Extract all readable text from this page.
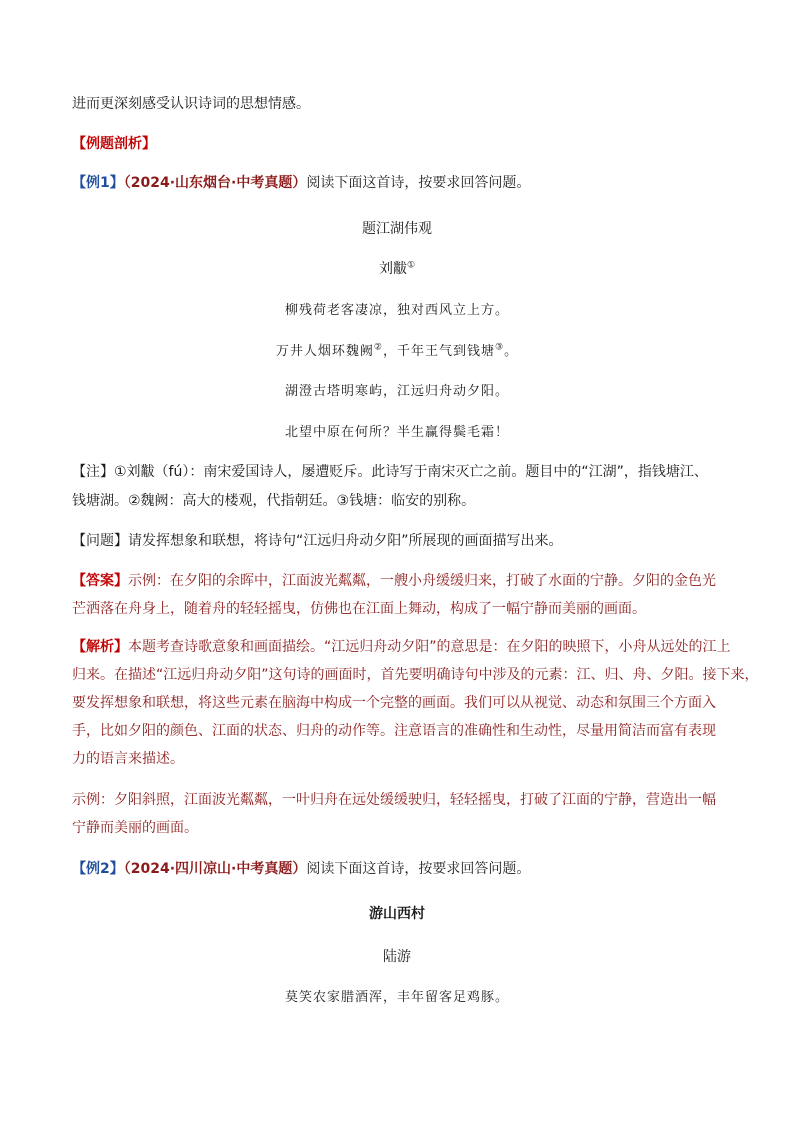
进而更深刻感受认识诗词的思想情感。
【例题剖析】
【例1】（2024·山东烟台·中考真题）阅读下面这首诗，按要求回答问题。
题江湖伟观
刘黻①
柳残荷老客凄凉，独对西风立上方。
万井人烟环魏阙②，千年王气到钱塘③。
湖澄古塔明寒屿，江远归舟动夕阳。
北望中原在何所？半生赢得鬓毛霜！
【注】①刘黻（fú）：南宋爱国诗人，屡遭贬斥。此诗写于南宋灭亡之前。题目中的“江湖”，指钱塘江、
钱塘湖。②魏阙：高大的楼观，代指朝廷。③钱塘：临安的别称。
【问题】请发挥想象和联想，将诗句“江远归舟动夕阳”所展现的画面描写出来。
【答案】示例：在夕阳的余晖中，江面波光粼粼，一艘小舟缓缓归来，打破了水面的宁静。夕阳的金色光
芒洒落在舟身上，随着舟的轻轻摇曳，仿佛也在江面上舞动，构成了一幅宁静而美丽的画面。
【解析】本题考查诗歌意象和画面描绘。“江远归舟动夕阳”的意思是：在夕阳的映照下，小舟从远处的江上
归来。在描述“江远归舟动夕阳”这句诗的画面时，首先要明确诗句中涉及的元素：江、归、舟、夕阳。接下来，
要发挥想象和联想，将这些元素在脑海中构成一个完整的画面。我们可以从视觉、动态和氛围三个方面入
手，比如夕阳的颜色、江面的状态、归舟的动作等。注意语言的准确性和生动性，尽量用简洁而富有表现
力的语言来描述。
示例：夕阳斜照，江面波光粼粼，一叶归舟在远处缓缓驶归，轻轻摇曳，打破了江面的宁静，营造出一幅
宁静而美丽的画面。
【例2】（2024·四川凉山·中考真题）阅读下面这首诗，按要求回答问题。
游山西村
陆游
莫笑农家腊酒浑，丰年留客足鸡豚。
